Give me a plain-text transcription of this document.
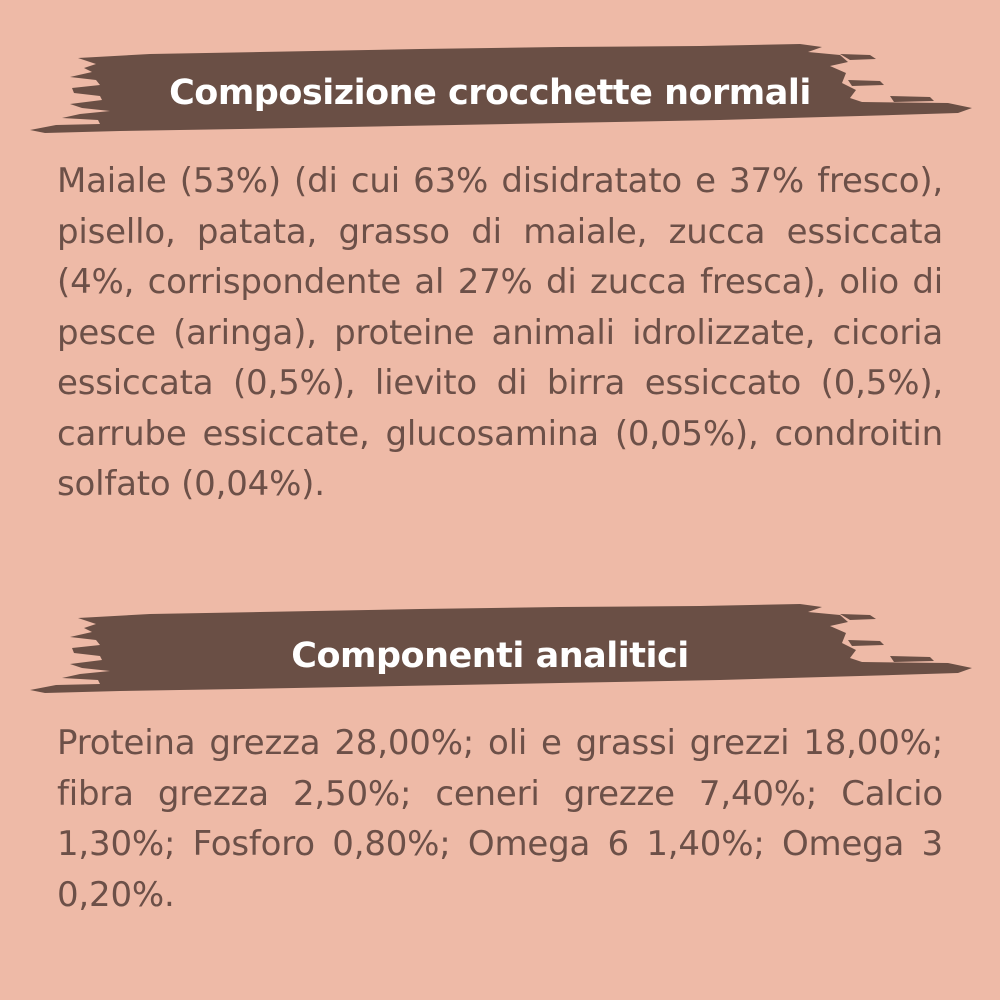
Composizione crocchette normali

Maiale (53%) (di cui 63% disidratato e 37% fresco), pisello, patata, grasso di maiale, zucca essiccata (4%, corrispondente al 27% di zucca fresca), olio di pesce (aringa), proteine animali idrolizzate, cicoria essiccata (0,5%), lievito di birra essiccato (0,5%), carrube essiccate, glucosamina (0,05%), condroitin solfato (0,04%).

Componenti analitici

Proteina grezza 28,00%; oli e grassi grezzi 18,00%; fibra grezza 2,50%; ceneri grezze 7,40%; Calcio 1,30%; Fosforo 0,80%; Omega 6 1,40%; Omega 3 0,20%.
